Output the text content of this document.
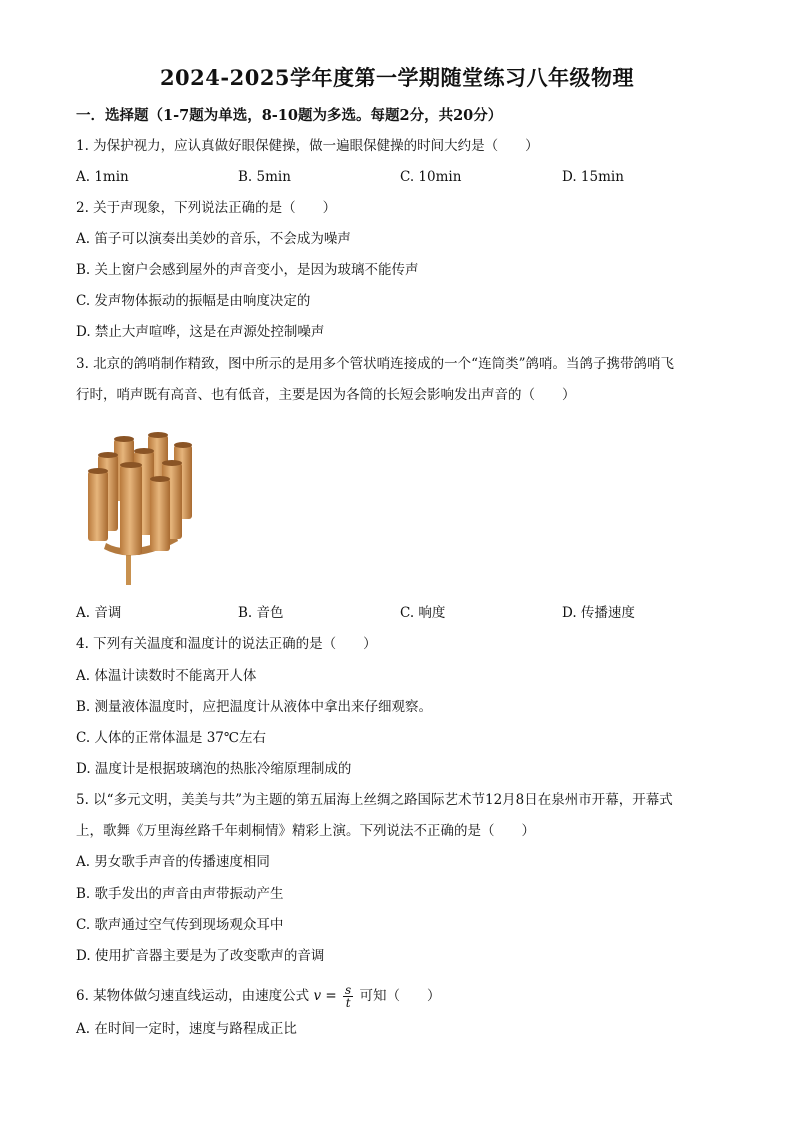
2024-2025学年度第一学期随堂练习八年级物理
一．选择题（1-7题为单选，8-10题为多选。每题2分，共20分）
1. 为保护视力，应认真做好眼保健操，做一遍眼保健操的时间大约是（　　）
A. 1min	B. 5min	C. 10min	D. 15min
2. 关于声现象，下列说法正确的是（　　）
A. 笛子可以演奏出美妙的音乐，不会成为噪声
B. 关上窗户会感到屋外的声音变小，是因为玻璃不能传声
C. 发声物体振动的振幅是由响度决定的
D. 禁止大声喧哗，这是在声源处控制噪声
3. 北京的鸽哨制作精致，图中所示的是用多个管状哨连接成的一个“连筒类”鸽哨。当鸽子携带鸽哨飞
行时，哨声既有高音、也有低音，主要是因为各筒的长短会影响发出声音的（　　）
A. 音调	B. 音色	C. 响度	D. 传播速度
4. 下列有关温度和温度计的说法正确的是（　　）
A. 体温计读数时不能离开人体
B. 测量液体温度时，应把温度计从液体中拿出来仔细观察。
C. 人体的正常体温是 37℃左右
D. 温度计是根据玻璃泡的热胀冷缩原理制成的
5. 以“多元文明，美美与共”为主题的第五届海上丝绸之路国际艺术节12月8日在泉州市开幕，开幕式
上，歌舞《万里海丝路千年刺桐情》精彩上演。下列说法不正确的是（　　）
A. 男女歌手声音的传播速度相同
B. 歌手发出的声音由声带振动产生
C. 歌声通过空气传到现场观众耳中
D. 使用扩音器主要是为了改变歌声的音调
6. 某物体做匀速直线运动，由速度公式 $v = \frac{s}{t}$ 可知（　　）
A. 在时间一定时，速度与路程成正比
